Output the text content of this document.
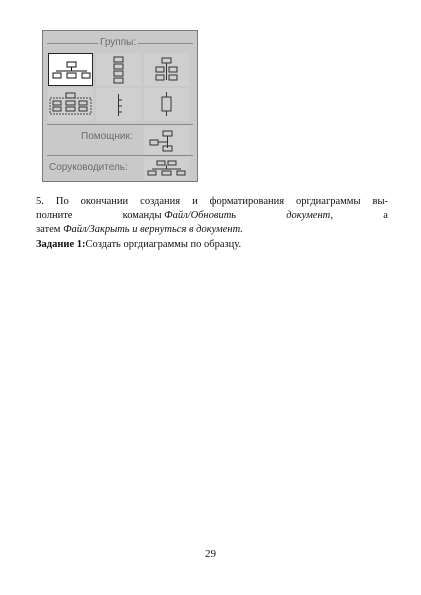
Группы:
Помощник:
Соруководитель:
5. По окончании создания и форматирования оргдиаграммы вы-
полните	команды Файл/Обновить	документ,	а
затем Файл/Закрыть и вернуться в документ.
Задание 1:Создать оргдиаграммы по образцу.
29
